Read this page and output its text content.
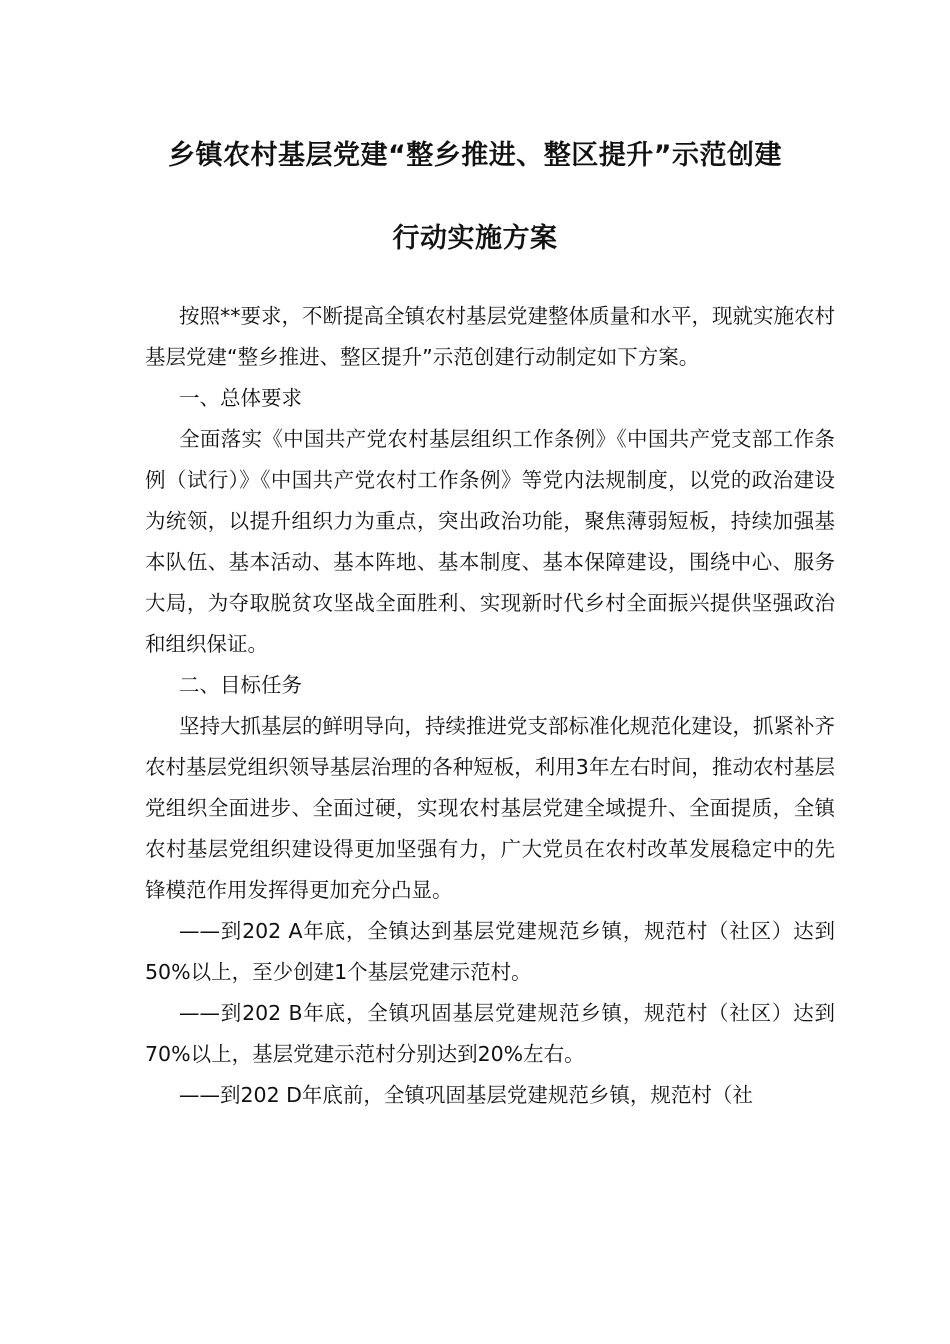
乡镇农村基层党建“整乡推进、整区提升”示范创建
行动实施方案

按照**要求，不断提高全镇农村基层党建整体质量和水平，现就实施农村基层党建“整乡推进、整区提升”示范创建行动制定如下方案。

一、总体要求

全面落实《中国共产党农村基层组织工作条例》《中国共产党支部工作条例（试行）》《中国共产党农村工作条例》等党内法规制度，以党的政治建设为统领，以提升组织力为重点，突出政治功能，聚焦薄弱短板，持续加强基本队伍、基本活动、基本阵地、基本制度、基本保障建设，围绕中心、服务大局，为夺取脱贫攻坚战全面胜利、实现新时代乡村全面振兴提供坚强政治和组织保证。

二、目标任务

坚持大抓基层的鲜明导向，持续推进党支部标准化规范化建设，抓紧补齐农村基层党组织领导基层治理的各种短板，利用3年左右时间，推动农村基层党组织全面进步、全面过硬，实现农村基层党建全域提升、全面提质，全镇农村基层党组织建设得更加坚强有力，广大党员在农村改革发展稳定中的先锋模范作用发挥得更加充分凸显。

——到202 A年底，全镇达到基层党建规范乡镇，规范村（社区）达到50%以上，至少创建1个基层党建示范村。

——到202 B年底，全镇巩固基层党建规范乡镇，规范村（社区）达到70%以上，基层党建示范村分别达到20%左右。

——到202 D年底前，全镇巩固基层党建规范乡镇，规范村（社
